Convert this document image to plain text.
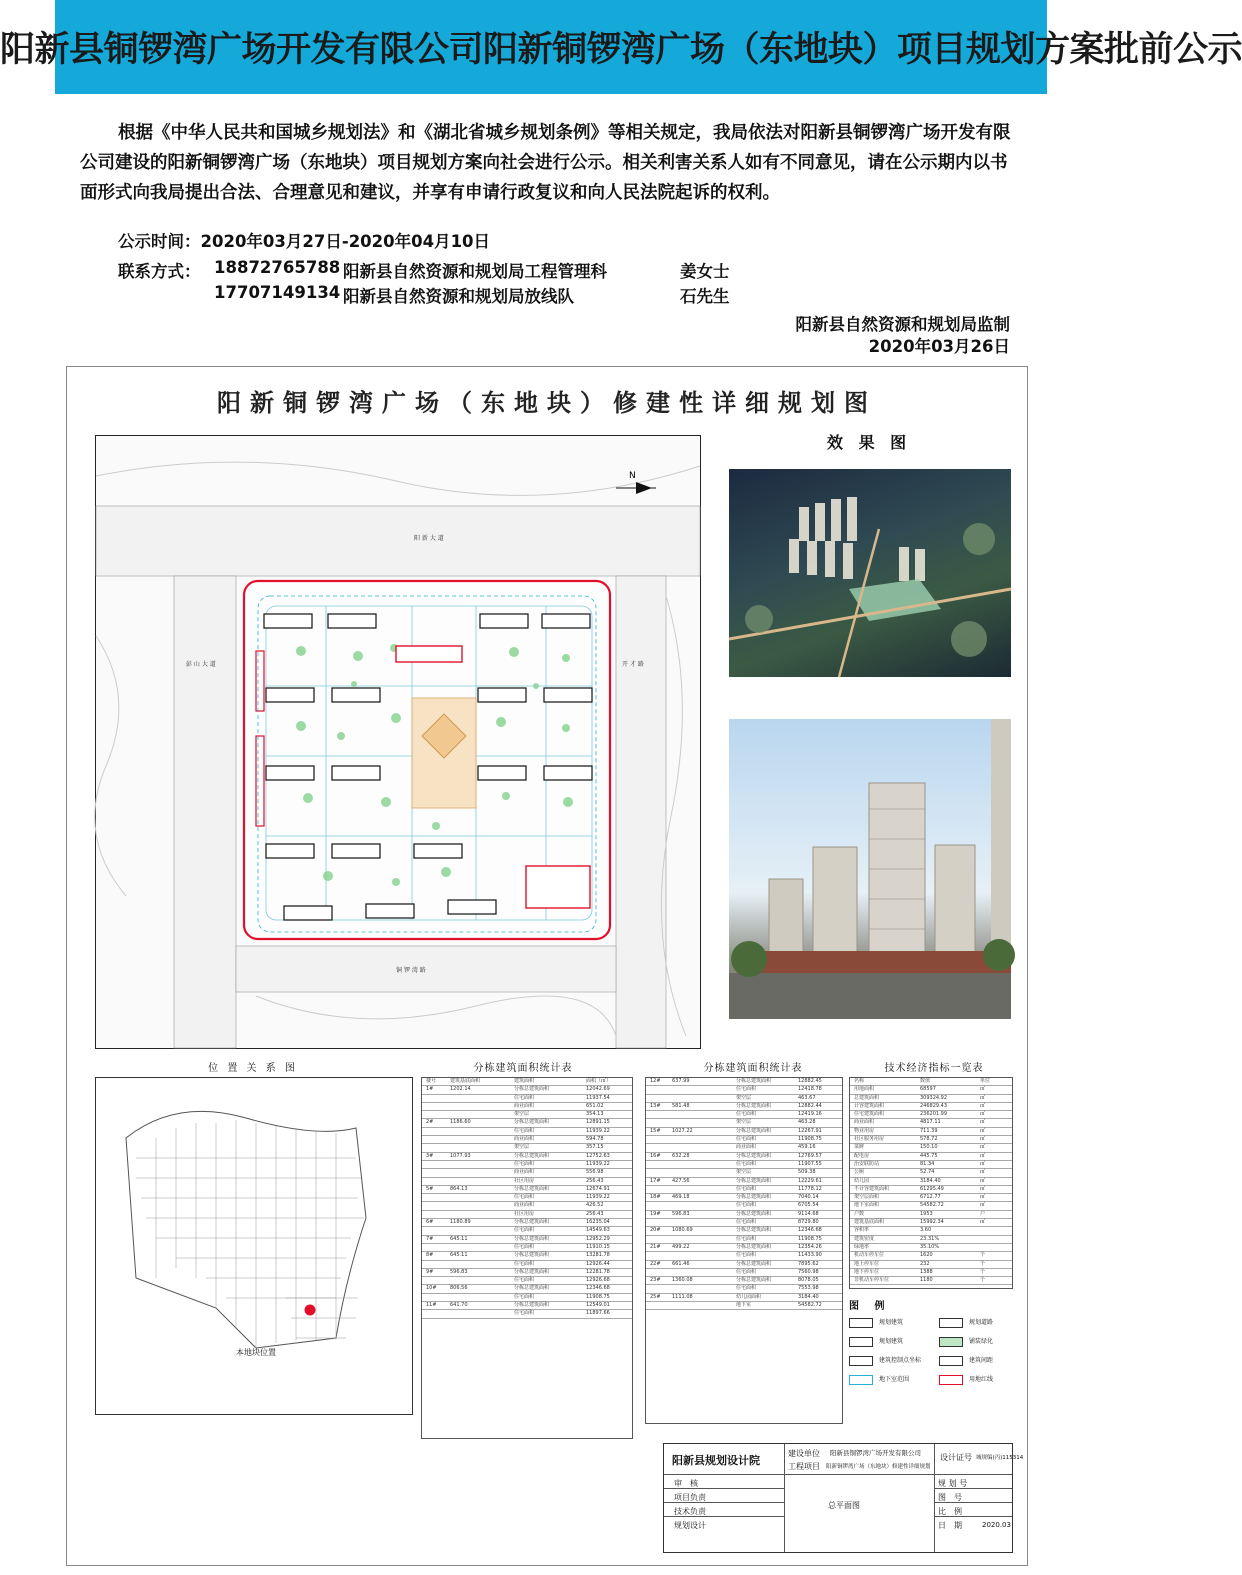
阳新县铜锣湾广场开发有限公司阳新铜锣湾广场（东地块）项目规划方案批前公示

根据《中华人民共和国城乡规划法》和《湖北省城乡规划条例》等相关规定，我局依法对阳新县铜锣湾广场开发有限公司建设的阳新铜锣湾广场（东地块）项目规划方案向社会进行公示。相关利害关系人如有不同意见，请在公示期内以书面形式向我局提出合法、合理意见和建议，并享有申请行政复议和向人民法院起诉的权利。

公示时间：2020年03月27日-2020年04月10日
联系方式： 18872765788 阳新县自然资源和规划局工程管理科	姜女士
17707149134 阳新县自然资源和规划局放线队	石先生
阳新县自然资源和规划局监制
2020年03月26日
阳新铜锣湾广场（东地块）修建性详细规划图
N
阳 新 大 道
彭 山 大 道	开 才 路
铜 锣 湾 路
效 果 图
位 置 关 系 图
本地块位置
分栋建筑面积统计表
楼号	建筑基底面积	建筑面积	面积（㎡）
1#	1202.14	分栋总建筑面积	12042.69
住宅面积	11937.54
商业面积	651.02
架空层	354.13
2#	1186.60	分栋总建筑面积	12891.15
住宅面积	11939.22
商业面积	594.78
架空层	357.15
3#	1077.93	分栋总建筑面积	12752.63
住宅面积	11939.22
商业面积	556.98
社区用房	256.43
5#	864.13	分栋总建筑面积	12674.91
住宅面积	11939.22
商业面积	426.52
社区用房	256.43
6#	1180.89	分栋总建筑面积	16235.04
住宅面积	14549.63
7#	645.11	分栋总建筑面积	12952.29
住宅面积	11910.15
8#	645.11	分栋总建筑面积	13281.78
住宅面积	12926.44
9#	596.83	分栋总建筑面积	12281.78
住宅面积	12926.68
10#	806.56	分栋总建筑面积	12346.68
住宅面积	11908.75
11#	641.70	分栋总建筑面积	12549.01
住宅面积	11897.66
分栋建筑面积统计表
12# 637.99	分栋总建筑面积	12882.45
住宅面积	12418.78
架空层	463.67
13# 581.48	分栋总建筑面积	12882.44
住宅面积	12419.16
架空层	463.28
15# 1027.22	分栋总建筑面积	12267.91
住宅面积	11908.75
商业面积	459.16
16# 632.28	分栋总建筑面积	12769.57
住宅面积	11907.55
架空层	509.38
17# 427.56	分栋总建筑面积	12229.61
住宅面积	11778.12
18# 469.18	分栋总建筑面积	7040.14
住宅面积	6705.54
19# 596.83	分栋总建筑面积	9114.68
住宅面积	8729.80
20# 1080.69	分栋总建筑面积	12346.68
住宅面积	11908.75
21# 499.22	分栋总建筑面积	12354.26
住宅面积	11433.90
22# 661.46	分栋总建筑面积	7895.62
住宅面积	7560.98
23# 1360.08	分栋总建筑面积	8078.05
住宅面积	7553.98
25# 1111.08	幼儿园面积	3184.40
地下室	54582.72
技术经济指标一览表
名称	数值	单位
用地面积	68597	㎡
总建筑面积	309324.92	㎡
计容建筑面积	246829.43	㎡
住宅建筑面积	236201.99	㎡
商业面积	4817.11	㎡
物业用房	711.39	㎡
社区服务用房	578.72	㎡
菜鲜	150.10	㎡
配电房	445.75	㎡
治安联防站	81.34	㎡
公厕	52.74	㎡
幼儿园	3184.40	㎡
不计容建筑面积	61295.49	㎡
架空层面积	6712.77	㎡
地下室面积	54582.72	㎡
户数	1953	户
建筑基底面积	15992.34	㎡
容积率	3.60
建筑密度	23.31%
绿地率	35.10%
机动车停车位	1620	个
地上停车位	232	个
地下停车位	1388	个
非机动车停车位	1180	个
图 例
规划建筑	规划道路
规划建筑	铺装绿化
建筑控制点坐标	建筑间距
地下室范围	用地红线
阳新县规划设计院
建设单位 阳新县铜锣湾广场开发有限公司
工程项目 阳新铜锣湾广场（东地块）修建性详细规划
设计证号 城规编(丙)115314
审　核
项目负责
技术负责
规划设计
总平面图
规 划 号
图　号
比　例
日　期	2020.03
